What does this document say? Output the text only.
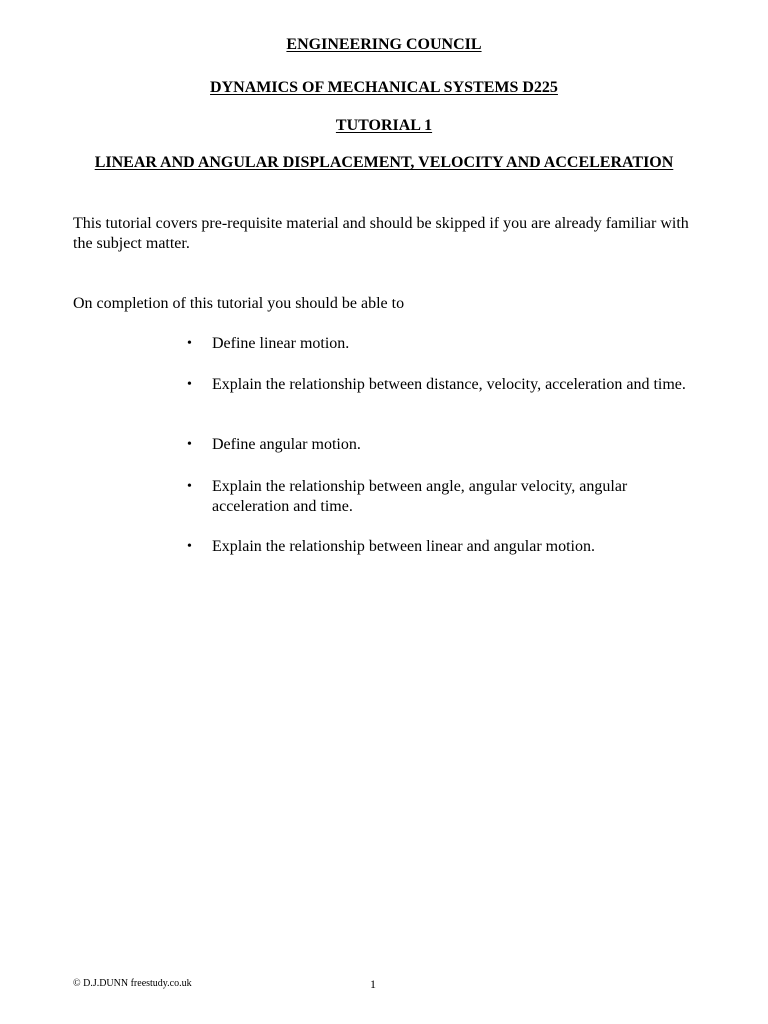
ENGINEERING COUNCIL
DYNAMICS OF MECHANICAL SYSTEMS D225
TUTORIAL 1
LINEAR AND ANGULAR DISPLACEMENT, VELOCITY AND ACCELERATION
This tutorial covers pre-requisite material and should be skipped if you are already familiar with the subject matter.
On completion of this tutorial you should be able to
• Define linear motion.
• Explain the relationship between distance, velocity, acceleration and time.
• Define angular motion.
• Explain the relationship between angle, angular velocity, angular acceleration and time.
• Explain the relationship between linear and angular motion.
© D.J.DUNN freestudy.co.uk	1
